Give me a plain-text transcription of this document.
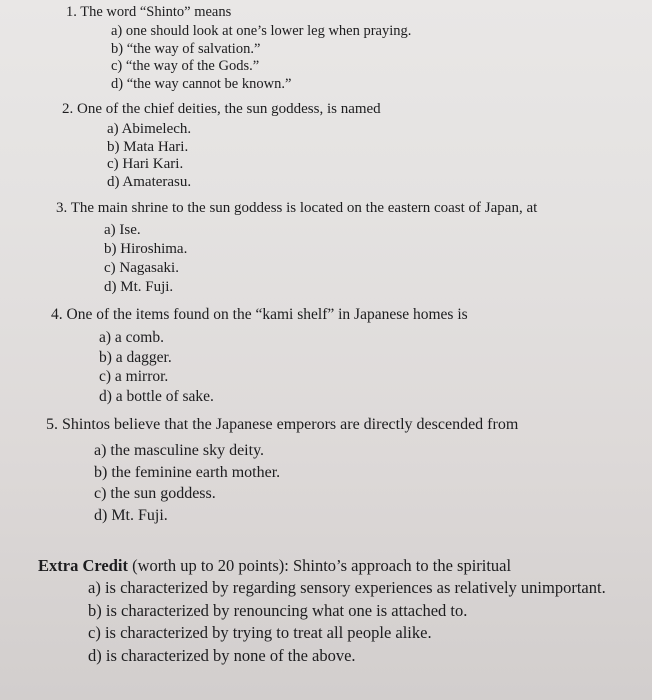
1. The word “Shinto” means
a) one should look at one’s lower leg when praying.
b) “the way of salvation.”
c) “the way of the Gods.”
d) “the way cannot be known.”
2. One of the chief deities, the sun goddess, is named
a) Abimelech.
b) Mata Hari.
c) Hari Kari.
d) Amaterasu.
3. The main shrine to the sun goddess is located on the eastern coast of Japan, at
a) Ise.
b) Hiroshima.
c) Nagasaki.
d) Mt. Fuji.
4. One of the items found on the “kami shelf” in Japanese homes is
a) a comb.
b) a dagger.
c) a mirror.
d) a bottle of sake.
5. Shintos believe that the Japanese emperors are directly descended from
a) the masculine sky deity.
b) the feminine earth mother.
c) the sun goddess.
d) Mt. Fuji.
Extra Credit (worth up to 20 points): Shinto’s approach to the spiritual
a) is characterized by regarding sensory experiences as relatively unimportant.
b) is characterized by renouncing what one is attached to.
c) is characterized by trying to treat all people alike.
d) is characterized by none of the above.
